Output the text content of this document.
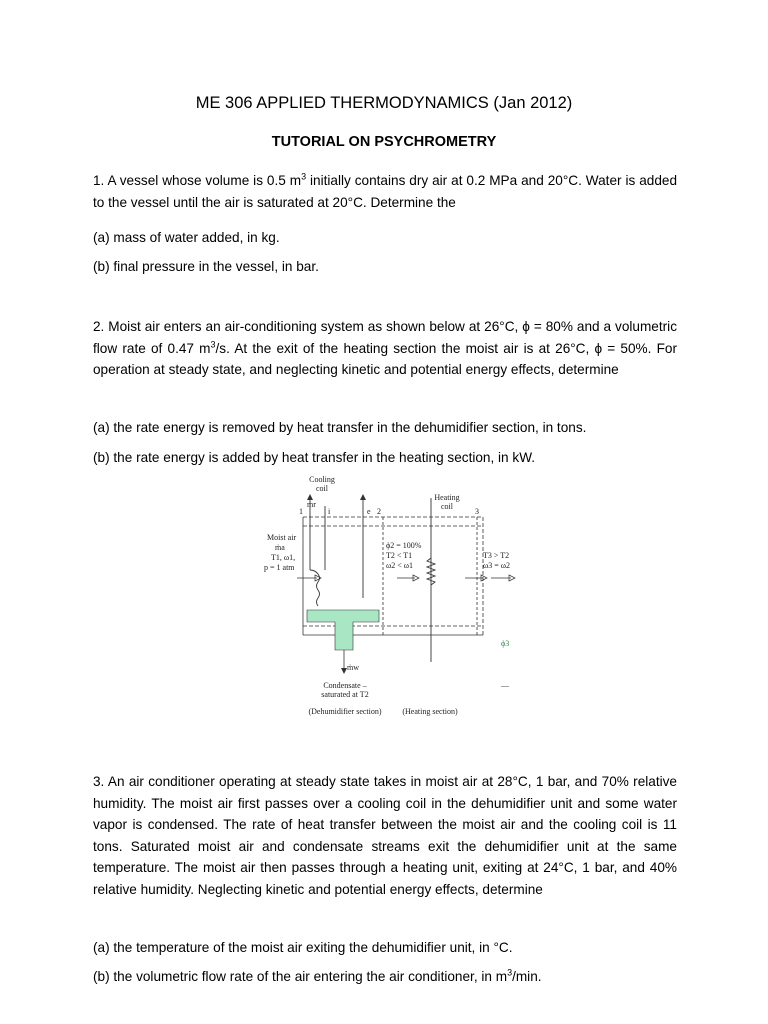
ME 306 APPLIED THERMODYNAMICS (Jan 2012)
TUTORIAL ON PSYCHROMETRY
1. A vessel whose volume is 0.5 $m^3$ initially contains dry air at 0.2 MPa and 20°C. Water is added to the vessel until the air is saturated at 20°C. Determine the
(a) mass of water added, in kg.
(b) final pressure in the vessel, in bar.
2. Moist air enters an air-conditioning system as shown below at 26°C, ϕ = 80% and a volumetric flow rate of 0.47 $m^3/s$. At the exit of the heating section the moist air is at 26°C, ϕ = 50%. For operation at steady state, and neglecting kinetic and potential energy effects, determine
(a) the rate energy is removed by heat transfer in the dehumidifier section, in tons.
(b) the rate energy is added by heat transfer in the heating section, in kW.
Cooling
coil
Heating
coil
1	2	3
ṁr
i	e
Moist air
ṁa
T1, ω1,
p = 1 atm
ϕ2 = 100%
T2 < T1
ω2 < ω1
T3 > T2
ω3 = ω2
ϕ3
—
ṁw
Condensate –
saturated at T2
(Dehumidifier section)	(Heating section)
3. An air conditioner operating at steady state takes in moist air at 28°C, 1 bar, and 70% relative humidity. The moist air first passes over a cooling coil in the dehumidifier unit and some water vapor is condensed. The rate of heat transfer between the moist air and the cooling coil is 11 tons. Saturated moist air and condensate streams exit the dehumidifier unit at the same temperature. The moist air then passes through a heating unit, exiting at 24°C, 1 bar, and 40% relative humidity. Neglecting kinetic and potential energy effects, determine
(a) the temperature of the moist air exiting the dehumidifier unit, in °C.
(b) the volumetric flow rate of the air entering the air conditioner, in $m^3/\min$.
